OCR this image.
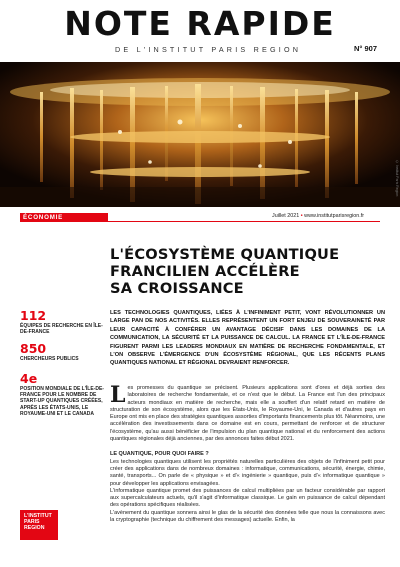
NOTE RAPIDE
DE L'INSTITUT PARIS REGION	N° 907
© Institut Paris Region
ÉCONOMIE	Juillet 2021 • www.institutparisregion.fr
L'ÉCOSYSTÈME QUANTIQUE
FRANCILIEN ACCÉLÈRE
SA CROISSANCE

LES TECHNOLOGIES QUANTIQUES, LIÉES À L'INFINIMENT PETIT, VONT RÉVOLUTIONNER UN LARGE PAN DE NOS ACTIVITÉS. ELLES REPRÉSENTENT UN FORT ENJEU DE SOUVERAINETÉ PAR LEUR CAPACITÉ À CONFÉRER UN AVANTAGE DÉCISIF DANS LES DOMAINES DE LA COMMUNICATION, LA SÉCURITÉ ET LA PUISSANCE DE CALCUL. LA FRANCE ET L'ÎLE-DE-FRANCE FIGURENT PARMI LES LEADERS MONDIAUX EN MATIÈRE DE RECHERCHE FONDAMENTALE, ET L'ON OBSERVE L'ÉMERGENCE D'UN ÉCOSYSTÈME RÉGIONAL, QUE LES RÉCENTS PLANS QUANTIQUES NATIONAL ET RÉGIONAL DEVRAIENT RENFORCER.

112
ÉQUIPES DE RECHERCHE EN ÎLE-DE-FRANCE
850
CHERCHEURS PUBLICS
4e
POSITION MONDIALE DE L'ÎLE-DE-FRANCE POUR LE NOMBRE DE START-UP QUANTIQUES CRÉÉES, APRÈS LES ÉTATS-UNIS, LE ROYAUME-UNI ET LE CANADA
L'INSTITUT
PARIS
REGION

Les promesses du quantique se précisent. Plusieurs applications sont d'ores et déjà sorties des laboratoires de recherche fondamentale, et ce n'est que le début. La France est l'un des principaux acteurs mondiaux en matière de recherche, mais elle a souffert d'un relatif retard en matière de structuration de son écosystème, alors que les États-Unis, le Royaume-Uni, le Canada et d'autres pays en Europe ont mis en place des stratégies quantiques assorties d'importants financements plus tôt. Néanmoins, une accélération des investissements dans ce domaine est en cours, permettant de renforcer et de structurer l'écosystème, qu'au aussi bénéficier de l'impulsion du plan quantique national et du renforcement des actions quantiques régionales déjà anciennes, par des annonces faites début 2021.

LE QUANTIQUE, POUR QUOI FAIRE ?

Les technologies quantiques utilisent les propriétés naturelles particulières des objets de l'infiniment petit pour créer des applications dans de nombreux domaines : informatique, communications, sécurité, énergie, chimie, santé, transports... On parle de « physique » et d'« ingénierie » quantique, puis d'« informatique quantique » pour développer les applications envisagées.

L'informatique quantique promet des puissances de calcul multipliées par un facteur considérable par rapport aux supercalculateurs actuels, qu'il s'agit d'informatique classique. Le gain en puissance de calcul dépendant des opérations spécifiques réalisées.

L'avènement du quantique sonnera ainsi le glas de la sécurité des données telle que nous la connaissons avec la cryptographie (technique du chiffrement des messages) actuelle. Enfin, la
